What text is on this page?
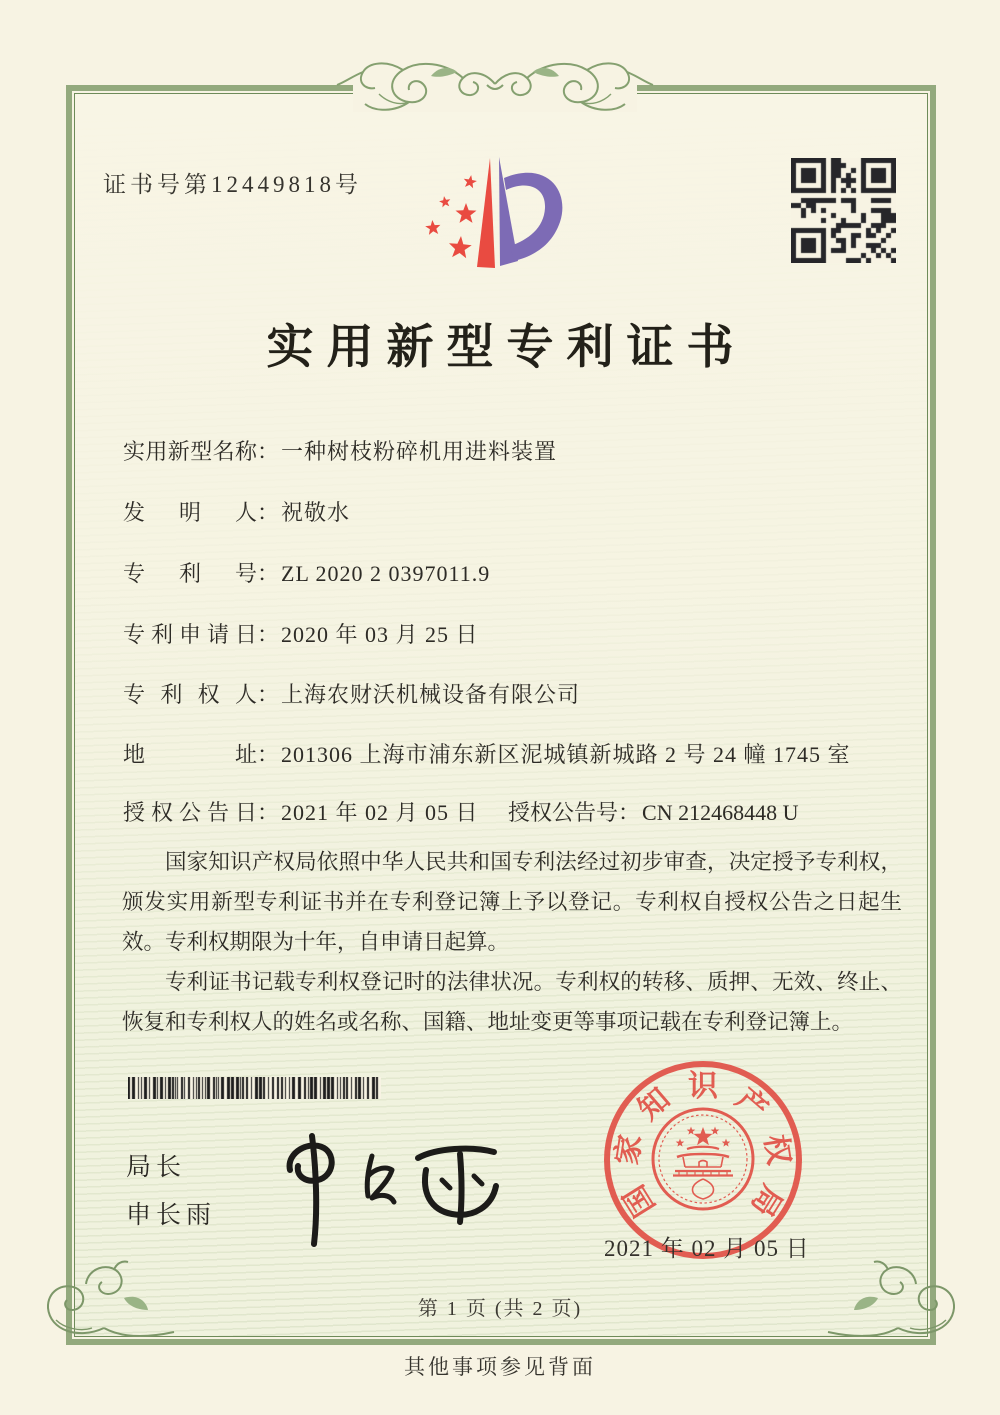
证书号第12449818号
实用新型专利证书
实用新型名称：一种树枝粉碎机用进料装置
发明人：祝敬水
专利号：ZL 2020 2 0397011.9
专利申请日：2020 年 03 月 25 日
专利权人：上海农财沃机械设备有限公司
地址：201306 上海市浦东新区泥城镇新城路 2 号 24 幢 1745 室
授权公告日：2021 年 02 月 05 日 授权公告号：CN 212468448 U

国家知识产权局依照中华人民共和国专利法经过初步审查，决定授予专利权，颁发实用新型专利证书并在专利登记簿上予以登记。专利权自授权公告之日起生效。专利权期限为十年，自申请日起算。

专利证书记载专利权登记时的法律状况。专利权的转移、质押、无效、终止、恢复和专利权人的姓名或名称、国籍、地址变更等事项记载在专利登记簿上。

局长
申长雨	国
家
知 识 产
权
局
2021 年 02 月 05 日
第 1 页 (共 2 页)
其他事项参见背面
